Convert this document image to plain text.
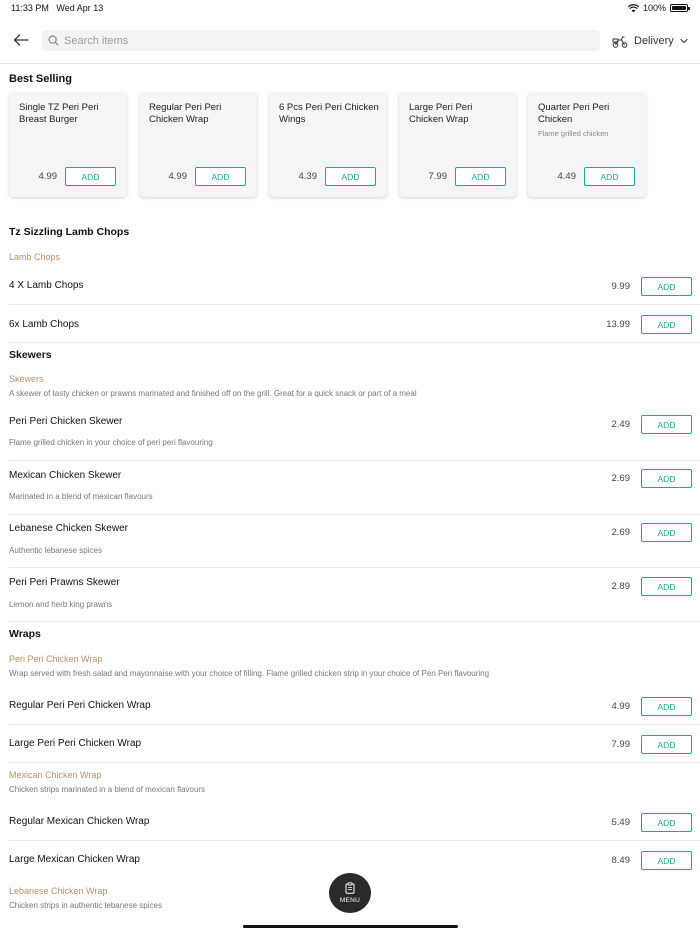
11:33 PM Wed Apr 13	100%
Search items
Delivery
Best Selling
Single TZ Peri Peri Breast Burger
4.99	ADD
Regular Peri Peri Chicken Wrap
4.99	ADD
6 Pcs Peri Peri Chicken Wings
4.39	ADD
Large Peri Peri Chicken Wrap
7.99	ADD
Quarter Peri Peri Chicken
Flame grilled chicken
4.49	ADD
Tz Sizzling Lamb Chops
Lamb Chops
4 X Lamb Chops	9.99	ADD
6x Lamb Chops	13.99	ADD
Skewers
Skewers
A skewer of tasty chicken or prawns marinated and finished off on the grill. Great for a quick snack or part of a meal
Peri Peri Chicken Skewer
Flame grilled chicken in your choice of peri peri flavouring
2.49	ADD
Mexican Chicken Skewer
Marinated in a blend of mexican flavours
2.69	ADD
Lebanese Chicken Skewer
Authentic lebanese spices
2.69	ADD
Peri Peri Prawns Skewer
Lemon and herb king prawns
2.89	ADD
Wraps
Peri Peri Chicken Wrap
Wrap served with fresh salad and mayonnaise with your choice of filling. Flame grilled chicken strip in your choice of Peri Peri flavouring
Regular Peri Peri Chicken Wrap	4.99	ADD
Large Peri Peri Chicken Wrap	7.99	ADD
Mexican Chicken Wrap
Chicken strips marinated in a blend of mexican flavours
Regular Mexican Chicken Wrap	5.49	ADD
Large Mexican Chicken Wrap	8.49	ADD
Lebanese Chicken Wrap
Chicken strips in authentic lebanese spices
MENU
